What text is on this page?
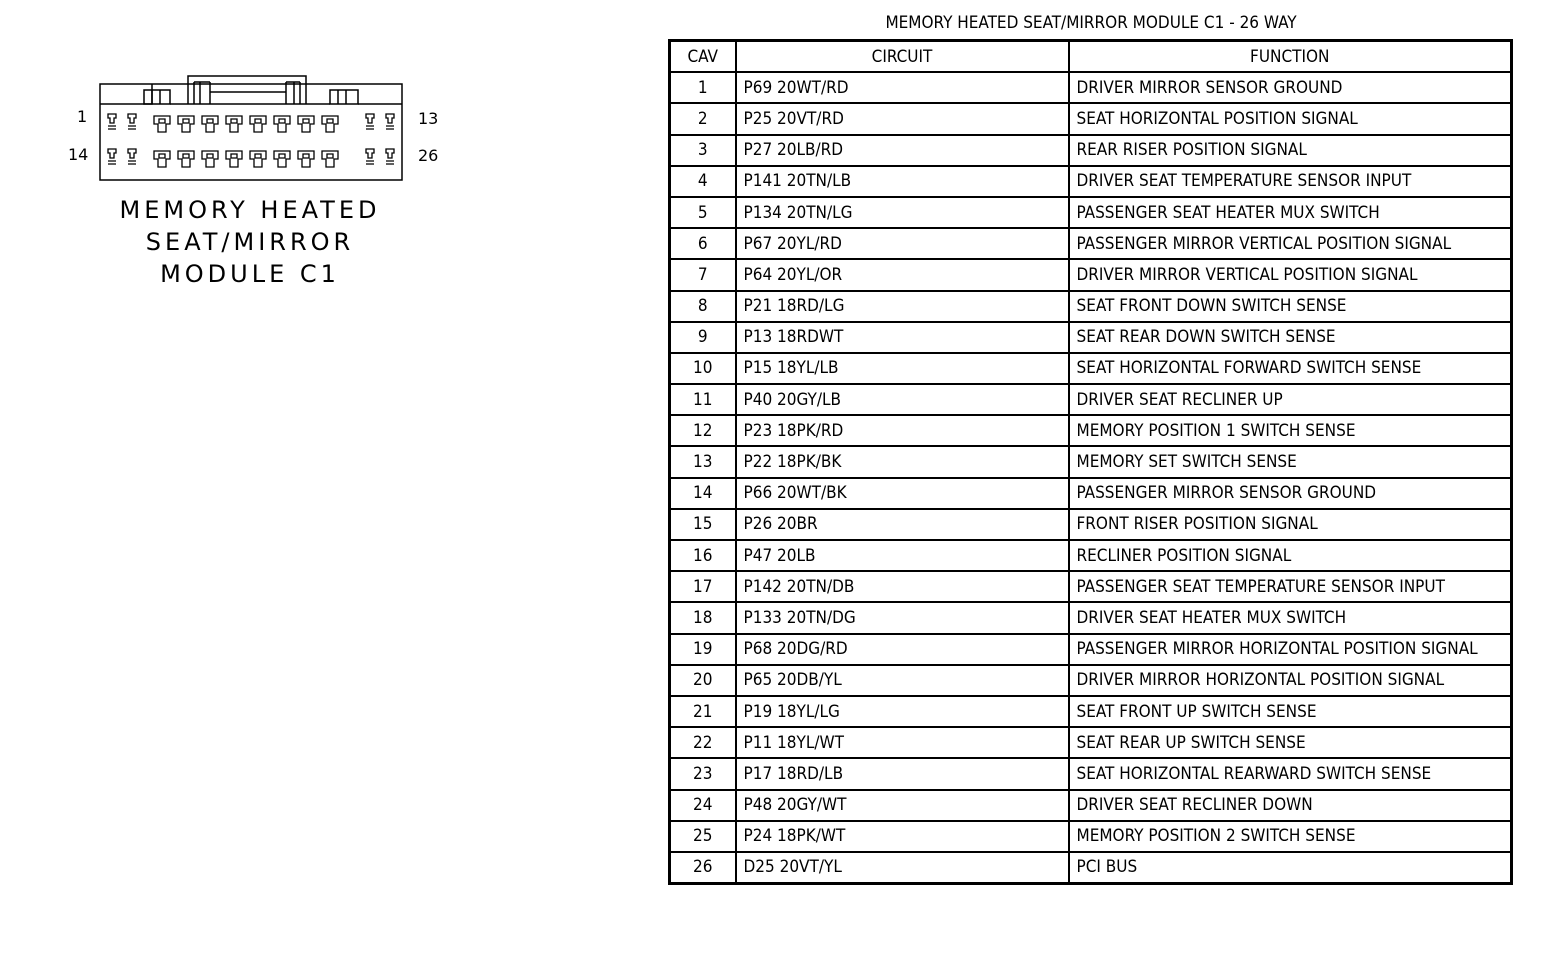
1	13
14	26
MEMORY HEATED
SEAT/MIRROR
MODULE C1
MEMORY HEATED SEAT/MIRROR MODULE C1 - 26 WAY
CAV	CIRCUIT	FUNCTION
1	P69 20WT/RD	DRIVER MIRROR SENSOR GROUND
2	P25 20VT/RD	SEAT HORIZONTAL POSITION SIGNAL
3	P27 20LB/RD	REAR RISER POSITION SIGNAL
4	P141 20TN/LB	DRIVER SEAT TEMPERATURE SENSOR INPUT
5	P134 20TN/LG	PASSENGER SEAT HEATER MUX SWITCH
6	P67 20YL/RD	PASSENGER MIRROR VERTICAL POSITION SIGNAL
7	P64 20YL/OR	DRIVER MIRROR VERTICAL POSITION SIGNAL
8	P21 18RD/LG	SEAT FRONT DOWN SWITCH SENSE
9	P13 18RDWT	SEAT REAR DOWN SWITCH SENSE
10	P15 18YL/LB	SEAT HORIZONTAL FORWARD SWITCH SENSE
11	P40 20GY/LB	DRIVER SEAT RECLINER UP
12	P23 18PK/RD	MEMORY POSITION 1 SWITCH SENSE
13	P22 18PK/BK	MEMORY SET SWITCH SENSE
14	P66 20WT/BK	PASSENGER MIRROR SENSOR GROUND
15	P26 20BR	FRONT RISER POSITION SIGNAL
16	P47 20LB	RECLINER POSITION SIGNAL
17	P142 20TN/DB	PASSENGER SEAT TEMPERATURE SENSOR INPUT
18	P133 20TN/DG	DRIVER SEAT HEATER MUX SWITCH
19	P68 20DG/RD	PASSENGER MIRROR HORIZONTAL POSITION SIGNAL
20	P65 20DB/YL	DRIVER MIRROR HORIZONTAL POSITION SIGNAL
21	P19 18YL/LG	SEAT FRONT UP SWITCH SENSE
22	P11 18YL/WT	SEAT REAR UP SWITCH SENSE
23	P17 18RD/LB	SEAT HORIZONTAL REARWARD SWITCH SENSE
24	P48 20GY/WT	DRIVER SEAT RECLINER DOWN
25	P24 18PK/WT	MEMORY POSITION 2 SWITCH SENSE
26	D25 20VT/YL	PCI BUS
